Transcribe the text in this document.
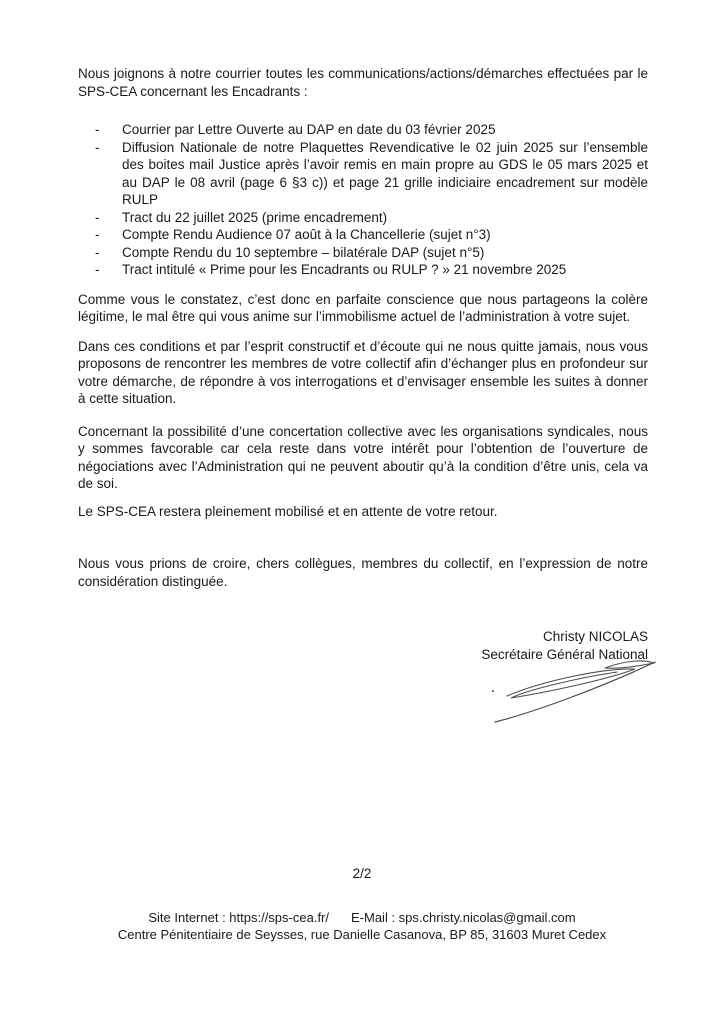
Nous joignons à notre courrier toutes les communications/actions/démarches effectuées par le SPS-CEA concernant les Encadrants :

- Courrier par Lettre Ouverte au DAP en date du 03 février 2025
- Diffusion Nationale de notre Plaquettes Revendicative le 02 juin 2025 sur l’ensemble des boites mail Justice après l’avoir remis en main propre au GDS le 05 mars 2025 et au DAP le 08 avril (page 6 §3 c)) et page 21 grille indiciaire encadrement sur modèle RULP
- Tract du 22 juillet 2025 (prime encadrement)
- Compte Rendu Audience 07 août à la Chancellerie (sujet n°3)
- Compte Rendu du 10 septembre – bilatérale DAP (sujet n°5)
- Tract intitulé « Prime pour les Encadrants ou RULP ? » 21 novembre 2025

Comme vous le constatez, c’est donc en parfaite conscience que nous partageons la colère légitime, le mal être qui vous anime sur l’immobilisme actuel de l’administration à votre sujet.

Dans ces conditions et par l’esprit constructif et d’écoute qui ne nous quitte jamais, nous vous proposons de rencontrer les membres de votre collectif afin d’échanger plus en profondeur sur votre démarche, de répondre à vos interrogations et d’envisager ensemble les suites à donner à cette situation.

Concernant la possibilité d’une concertation collective avec les organisations syndicales, nous y sommes favcorable car cela reste dans votre intérêt pour l’obtention de l’ouverture de négociations avec l’Administration qui ne peuvent aboutir qu’à la condition d’être unis, cela va de soi.

Le SPS-CEA restera pleinement mobilisé et en attente de votre retour.

Nous vous prions de croire, chers collègues, membres du collectif, en l’expression de notre considération distinguée.

Christy NICOLAS
Secrétaire Général National
2/2
Site Internet : https://sps-cea.fr/ E-Mail : sps.christy.nicolas@gmail.com
Centre Pénitentiaire de Seysses, rue Danielle Casanova, BP 85, 31603 Muret Cedex
